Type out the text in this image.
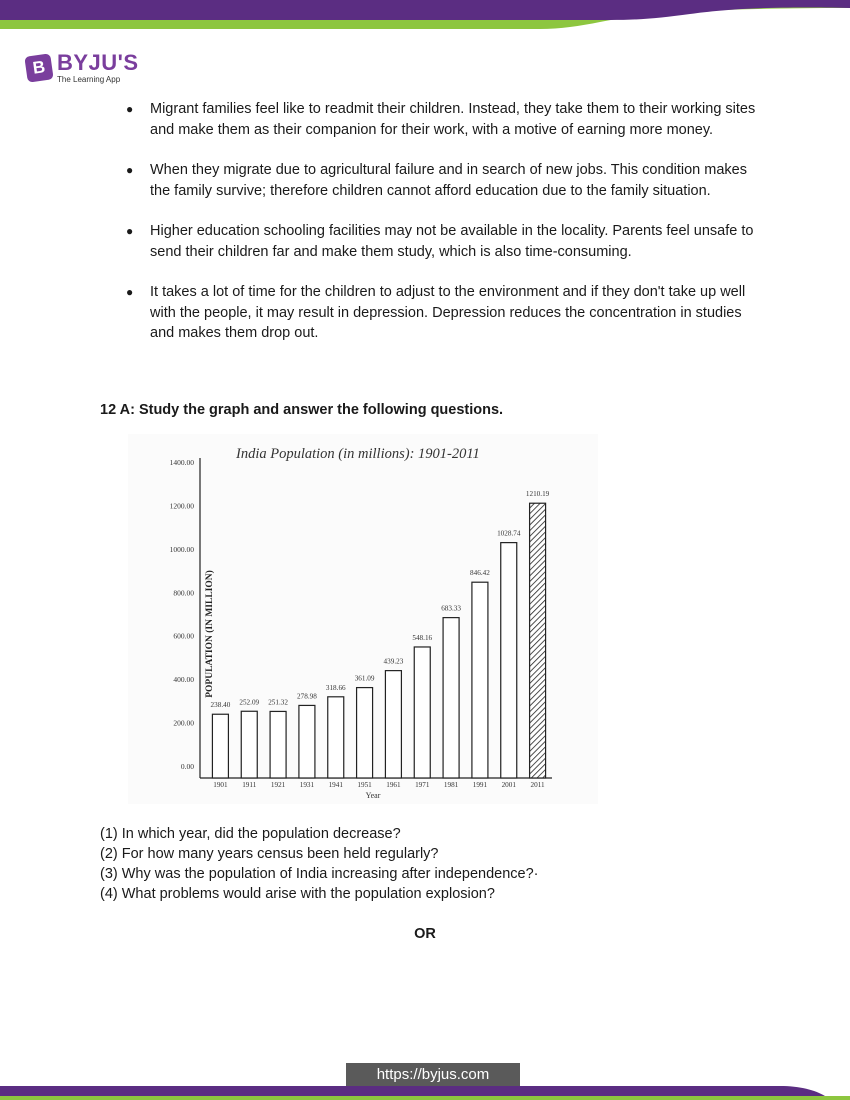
B BYJU'S
The Learning App
● Migrant families feel like to readmit their children. Instead, they take them to their working sites and make them as their companion for their work, with a motive of earning more money.
● When they migrate due to agricultural failure and in search of new jobs. This condition makes the family survive; therefore children cannot afford education due to the family situation.
● Higher education schooling facilities may not be available in the locality. Parents feel unsafe to send their children far and make them study, which is also time-consuming.
● It takes a lot of time for the children to adjust to the environment and if they don't take up well with the people, it may result in depression. Depression reduces the concentration in studies and makes them drop out.
12 A: Study the graph and answer the following questions.
India Population (in millions): 1901-2011
POPULATION (IN MILLION)
Year
0.00
200.00
400.00
600.00
800.00
1000.00
1200.00
1400.00
238.40
1901
252.09
1911
251.32
1921
278.98
1931
318.66
1941
361.09
1951
439.23
1961
548.16
1971
683.33
1981
846.42
1991
1028.74
2001
1210.19
2011
(1) In which year, did the population decrease?
(2) For how many years census been held regularly?
(3) Why was the population of India increasing after independence?·
(4) What problems would arise with the population explosion?
OR
https://byjus.com
